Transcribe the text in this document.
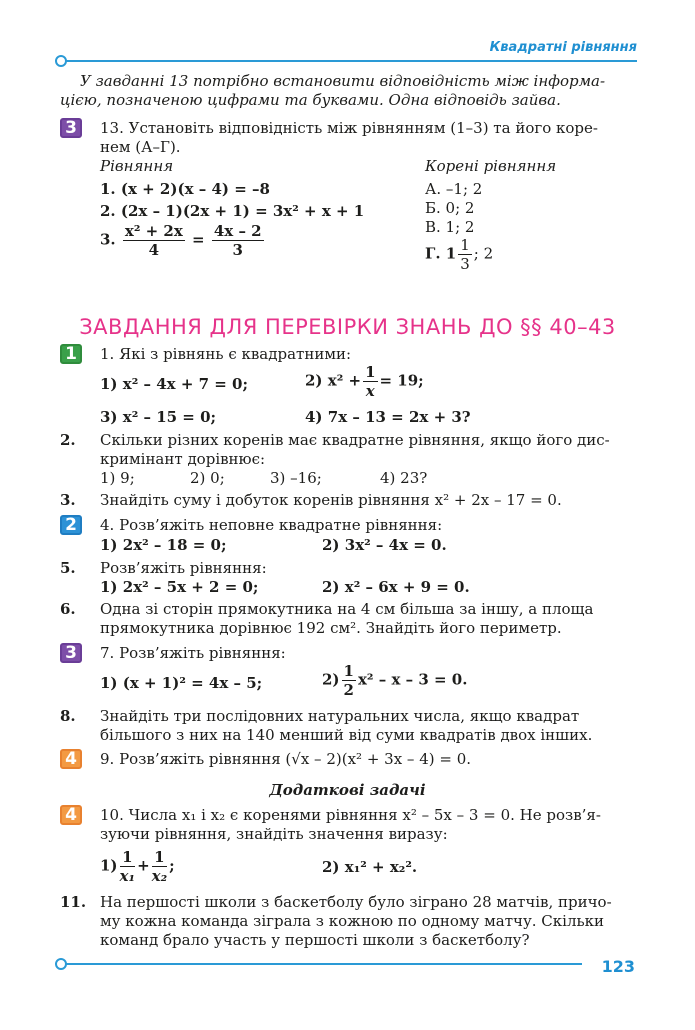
Квадратні рівняння
У завданні 13 потрібно встановити відповідність між інформа-
цією, позначеною цифрами та буквами. Одна відповідь зайва.
3	13. Установіть відповідність між рівнянням (1–3) та його коре-
нем (А–Г).
Рівняння	Корені рівняння
1. (x + 2)(x – 4) = –8
2. (2x – 1)(2x + 1) = 3x² + x + 1
3. $\frac{\text{x² + 2x}}{4} = \frac{4x - 2}{3}$
А. –1; 2
Б. 0; 2
В. 1; 2
Г. $1 \frac{1}{3}$ ; 2
ЗАВДАННЯ ДЛЯ ПЕРЕВІРКИ ЗНАНЬ ДО §§ 40–43
1	1. Які з рівнянь є квадратними:
1) x² – 4x + 7 = 0;	2) $x^2 + \frac{1}{x} = 19$;
3) x² – 15 = 0;	4) 7x – 13 = 2x + 3?
2. Скільки різних коренів має квадратне рівняння, якщо його дис-
кримінант дорівнює:
1) 9;	2) 0;	3) –16;	4) 23?
3. Знайдіть суму і добуток коренів рівняння x² + 2x – 17 = 0.
2	4. Розв’яжіть неповне квадратне рівняння:
1) 2x² – 18 = 0;	2) 3x² – 4x = 0.
5. Розв’яжіть рівняння:
1) 2x² – 5x + 2 = 0;	2) x² – 6x + 9 = 0.
6. Одна зі сторін прямокутника на 4 см більша за іншу, а площа
прямокутника дорівнює 192 см². Знайдіть його периметр.
3	7. Розв’яжіть рівняння:
1) (x + 1)² = 4x – 5;	$2) \frac{1}{2} x^2 - x - 3 = 0$.
8. Знайдіть три послідовних натуральних числа, якщо квадрат
більшого з них на 140 менший від суми квадратів двох інших.
4	9. Розв’яжіть рівняння (√x – 2)(x² + 3x – 4) = 0.
Додаткові задачі
4	10. Числа x₁ і x₂ є коренями рівняння x² – 5x – 3 = 0. Не розв’я-
зуючи рівняння, знайдіть значення виразу:
$1) \frac{1}{\text{x₁}} + \frac{1}{\text{x₂}}$ ;	2) x₁² + x₂².
11. На першості школи з баскетболу було зіграно 28 матчів, причо-
му кожна команда зіграла з кожною по одному матчу. Скільки
команд брало участь у першості школи з баскетболу?
123
